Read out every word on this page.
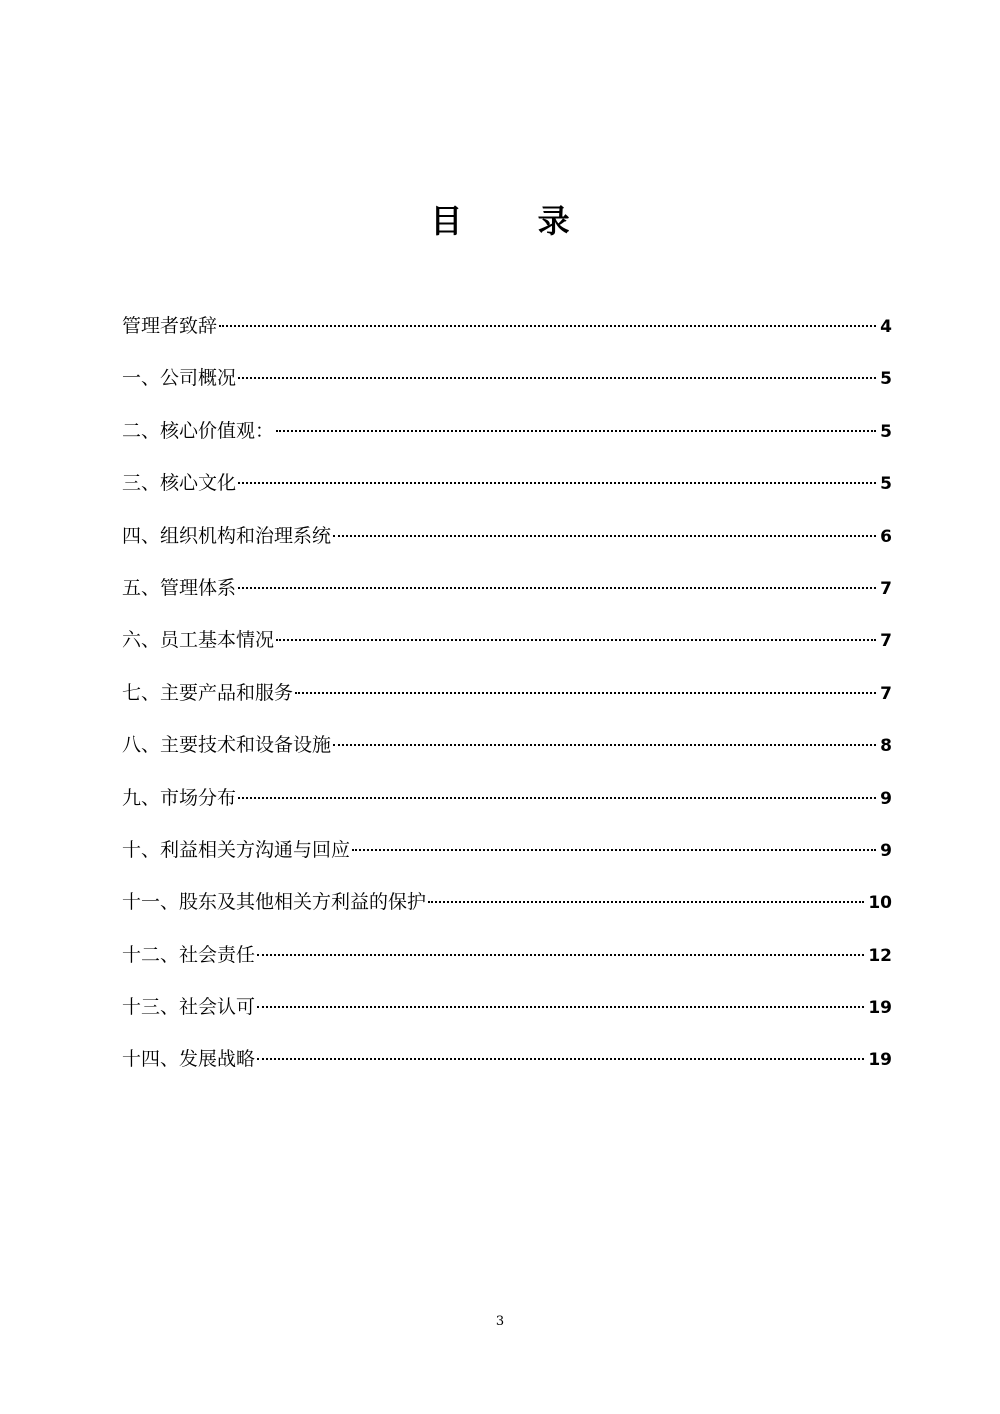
目 录
管理者致辞	4
一、公司概况	5
二、核心价值观：	5
三、核心文化	5
四、组织机构和治理系统	6
五、管理体系	7
六、员工基本情况	7
七、主要产品和服务	7
八、主要技术和设备设施	8
九、市场分布	9
十、利益相关方沟通与回应	9
十一、股东及其他相关方利益的保护	10
十二、社会责任	12
十三、社会认可	19
十四、发展战略	19
3
